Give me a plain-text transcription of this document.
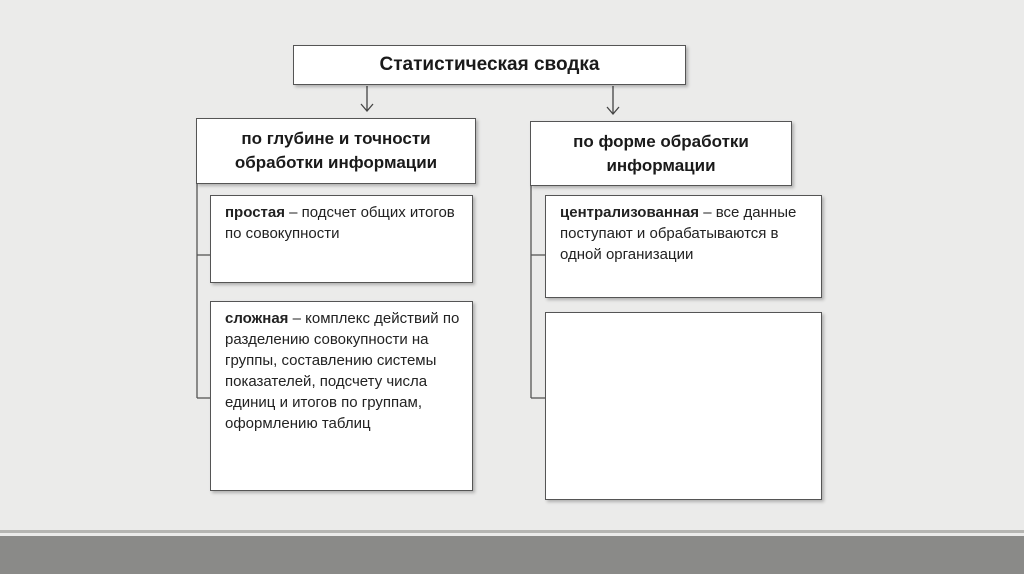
Статистическая сводка
по глубине и точности обработки информации
по форме обработки информации
простая – подсчет общих итогов по совокупности
сложная – комплекс действий по разделению совокупности на группы, составлению системы показателей, подсчету числа единиц и итогов по группам, оформлению таблиц
централизованная – все данные поступают и обрабатываются в одной организации
